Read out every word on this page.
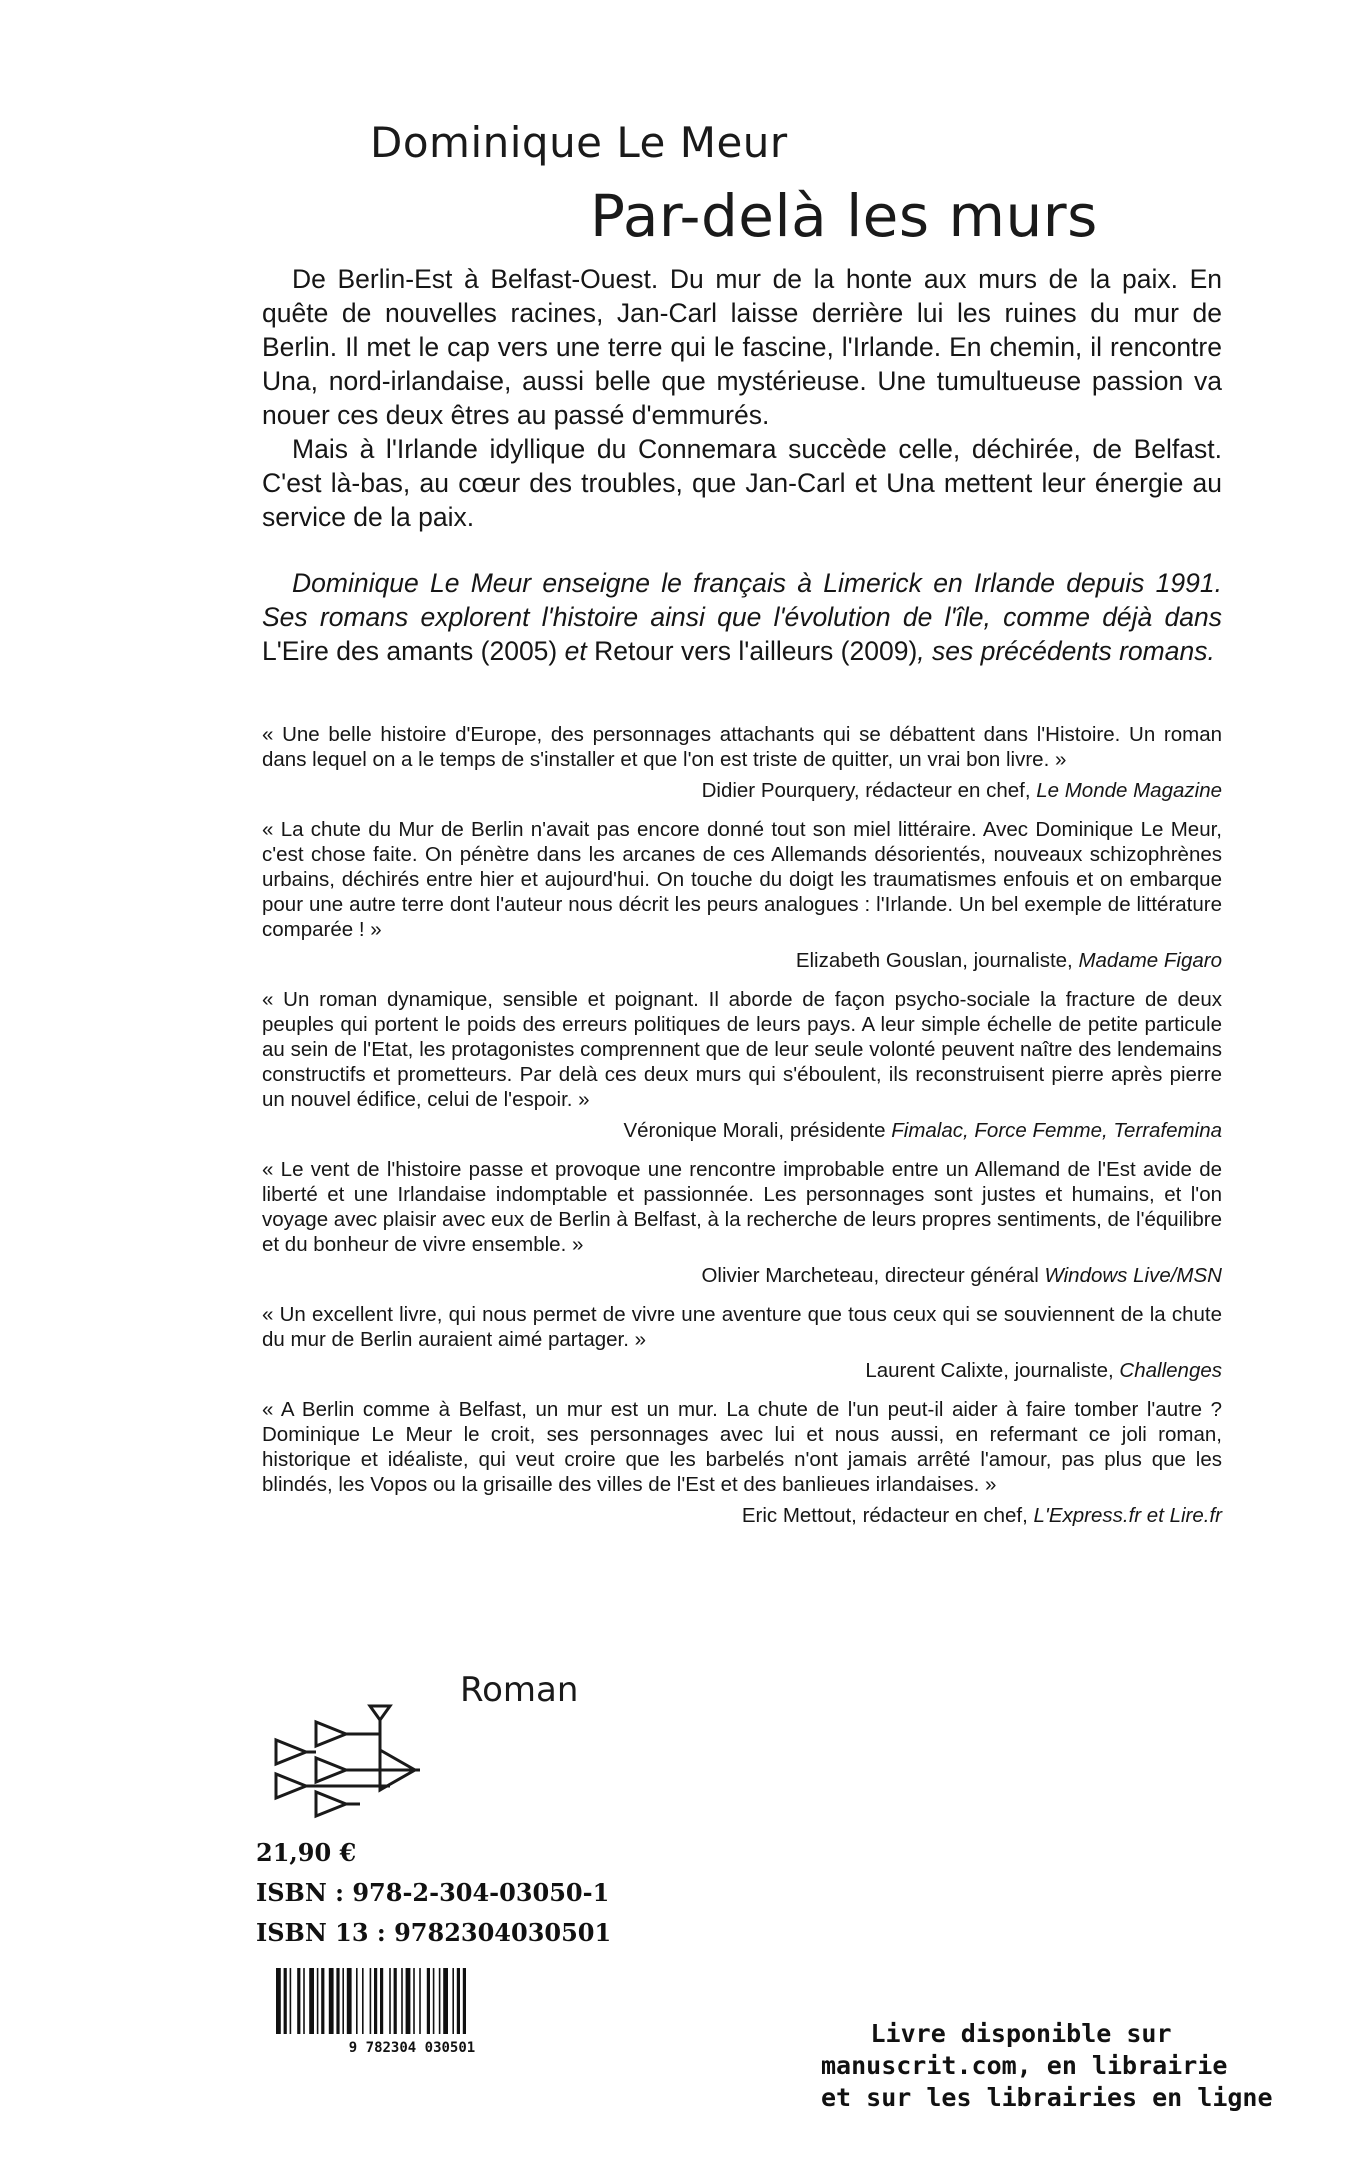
Dominique Le Meur
Par-delà les murs

De Berlin-Est à Belfast-Ouest. Du mur de la honte aux murs de la paix. En quête de nouvelles racines, Jan-Carl laisse derrière lui les ruines du mur de Berlin. Il met le cap vers une terre qui le fascine, l'Irlande. En chemin, il rencontre Una, nord-irlandaise, aussi belle que mystérieuse. Une tumultueuse passion va nouer ces deux êtres au passé d'emmurés.

Mais à l'Irlande idyllique du Connemara succède celle, déchirée, de Belfast. C'est là-bas, au cœur des troubles, que Jan-Carl et Una mettent leur énergie au service de la paix.

Dominique Le Meur enseigne le français à Limerick en Irlande depuis 1991. Ses romans explorent l'histoire ainsi que l'évolution de l'île, comme déjà dans L'Eire des amants (2005) et Retour vers l'ailleurs (2009), ses précédents romans.

« Une belle histoire d'Europe, des personnages attachants qui se débattent dans l'Histoire. Un roman dans lequel on a le temps de s'installer et que l'on est triste de quitter, un vrai bon livre. »

Didier Pourquery, rédacteur en chef, Le Monde Magazine

« La chute du Mur de Berlin n'avait pas encore donné tout son miel littéraire. Avec Dominique Le Meur, c'est chose faite. On pénètre dans les arcanes de ces Allemands désorientés, nouveaux schizophrènes urbains, déchirés entre hier et aujourd'hui. On touche du doigt les traumatismes enfouis et on embarque pour une autre terre dont l'auteur nous décrit les peurs analogues : l'Irlande. Un bel exemple de littérature comparée ! »

Elizabeth Gouslan, journaliste, Madame Figaro

« Un roman dynamique, sensible et poignant. Il aborde de façon psycho-sociale la fracture de deux peuples qui portent le poids des erreurs politiques de leurs pays. A leur simple échelle de petite particule au sein de l'Etat, les protagonistes comprennent que de leur seule volonté peuvent naître des lendemains constructifs et prometteurs. Par delà ces deux murs qui s'éboulent, ils reconstruisent pierre après pierre un nouvel édifice, celui de l'espoir. »

Véronique Morali, présidente Fimalac, Force Femme, Terrafemina

« Le vent de l'histoire passe et provoque une rencontre improbable entre un Allemand de l'Est avide de liberté et une Irlandaise indomptable et passionnée. Les personnages sont justes et humains, et l'on voyage avec plaisir avec eux de Berlin à Belfast, à la recherche de leurs propres sentiments, de l'équilibre et du bonheur de vivre ensemble. »

Olivier Marcheteau, directeur général Windows Live/MSN

« Un excellent livre, qui nous permet de vivre une aventure que tous ceux qui se souviennent de la chute du mur de Berlin auraient aimé partager. »

Laurent Calixte, journaliste, Challenges

« A Berlin comme à Belfast, un mur est un mur. La chute de l'un peut-il aider à faire tomber l'autre ? Dominique Le Meur le croit, ses personnages avec lui et nous aussi, en refermant ce joli roman, historique et idéaliste, qui veut croire que les barbelés n'ont jamais arrêté l'amour, pas plus que les blindés, les Vopos ou la grisaille des villes de l'Est et des banlieues irlandaises. »

Eric Mettout, rédacteur en chef, L'Express.fr et Lire.fr

Roman
21,90 €
ISBN : 978-2-304-03050-1
ISBN 13 : 9782304030501
9 782304 030501	Livre disponible sur
manuscrit.com, en librairie
et sur les librairies en ligne
